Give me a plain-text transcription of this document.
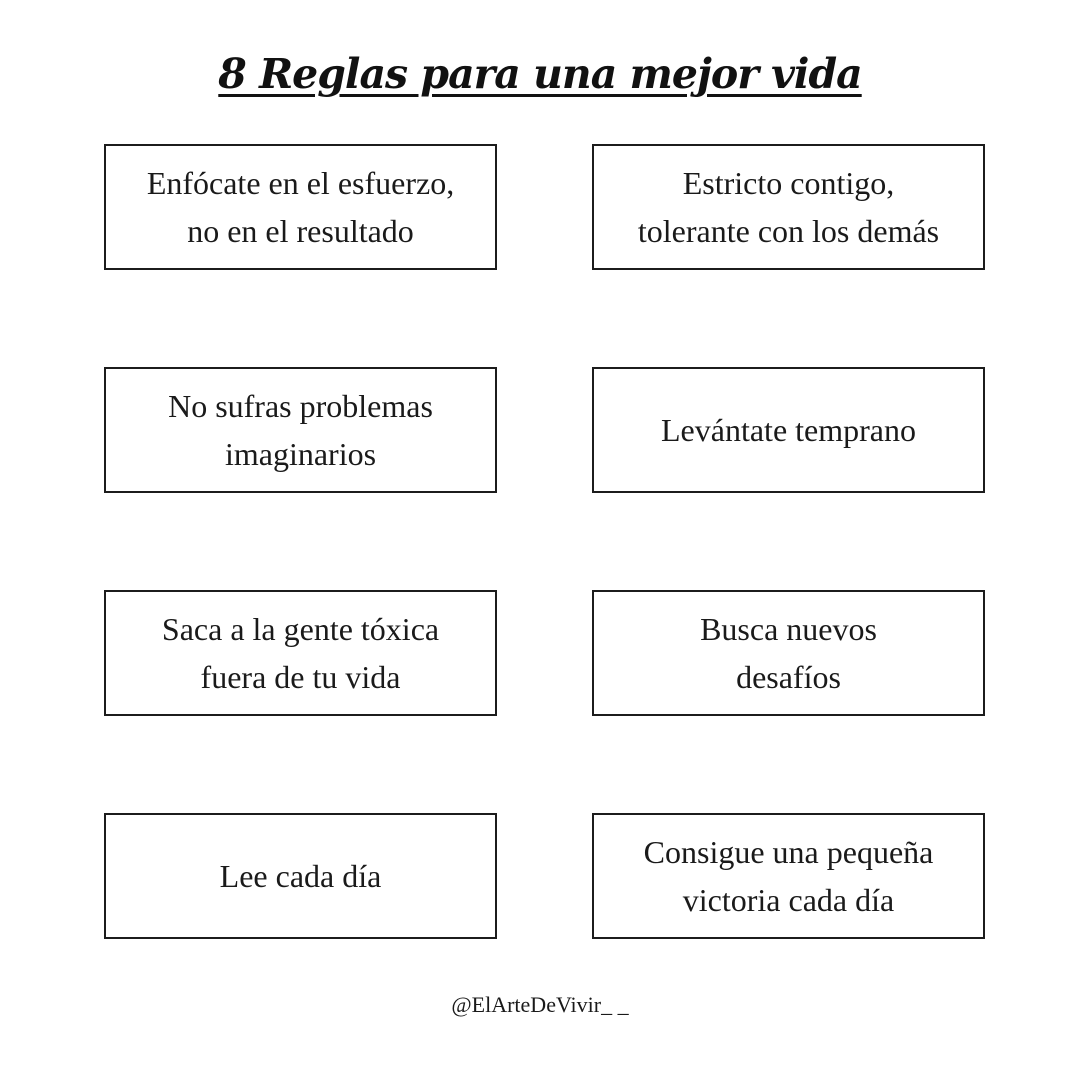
8 Reglas para una mejor vida
Enfócate en el esfuerzo,
no en el resultado
Estricto contigo,
tolerante con los demás
No sufras problemas
imaginarios
Levántate temprano
Saca a la gente tóxica
fuera de tu vida
Busca nuevos
desafíos
Lee cada día
Consigue una pequeña
victoria cada día
@ElArteDeVivir_ _
